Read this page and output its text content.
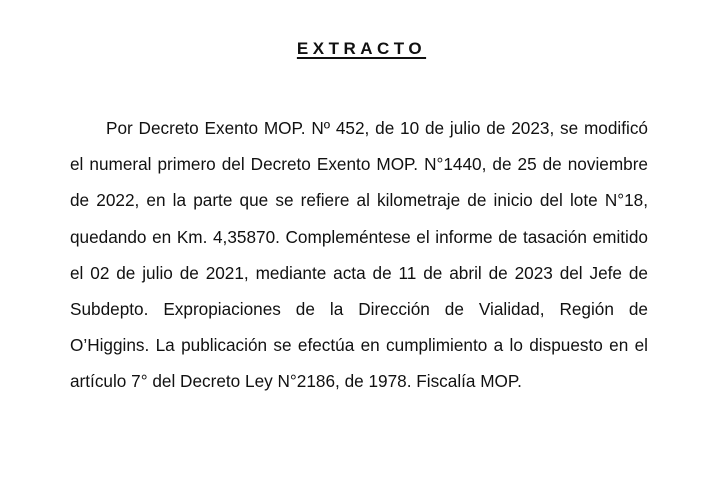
EXTRACTO

Por Decreto Exento MOP. Nº 452, de 10 de julio de 2023, se modificó el numeral primero del Decreto Exento MOP. N°1440, de 25 de noviembre de 2022, en la parte que se refiere al kilometraje de inicio del lote N°18, quedando en Km. 4,35870. Compleméntese el informe de tasación emitido el 02 de julio de 2021, mediante acta de 11 de abril de 2023 del Jefe de Subdepto. Expropiaciones de la Dirección de Vialidad, Región de O’Higgins. La publicación se efectúa en cumplimiento a lo dispuesto en el artículo 7° del Decreto Ley N°2186, de 1978. Fiscalía MOP.
